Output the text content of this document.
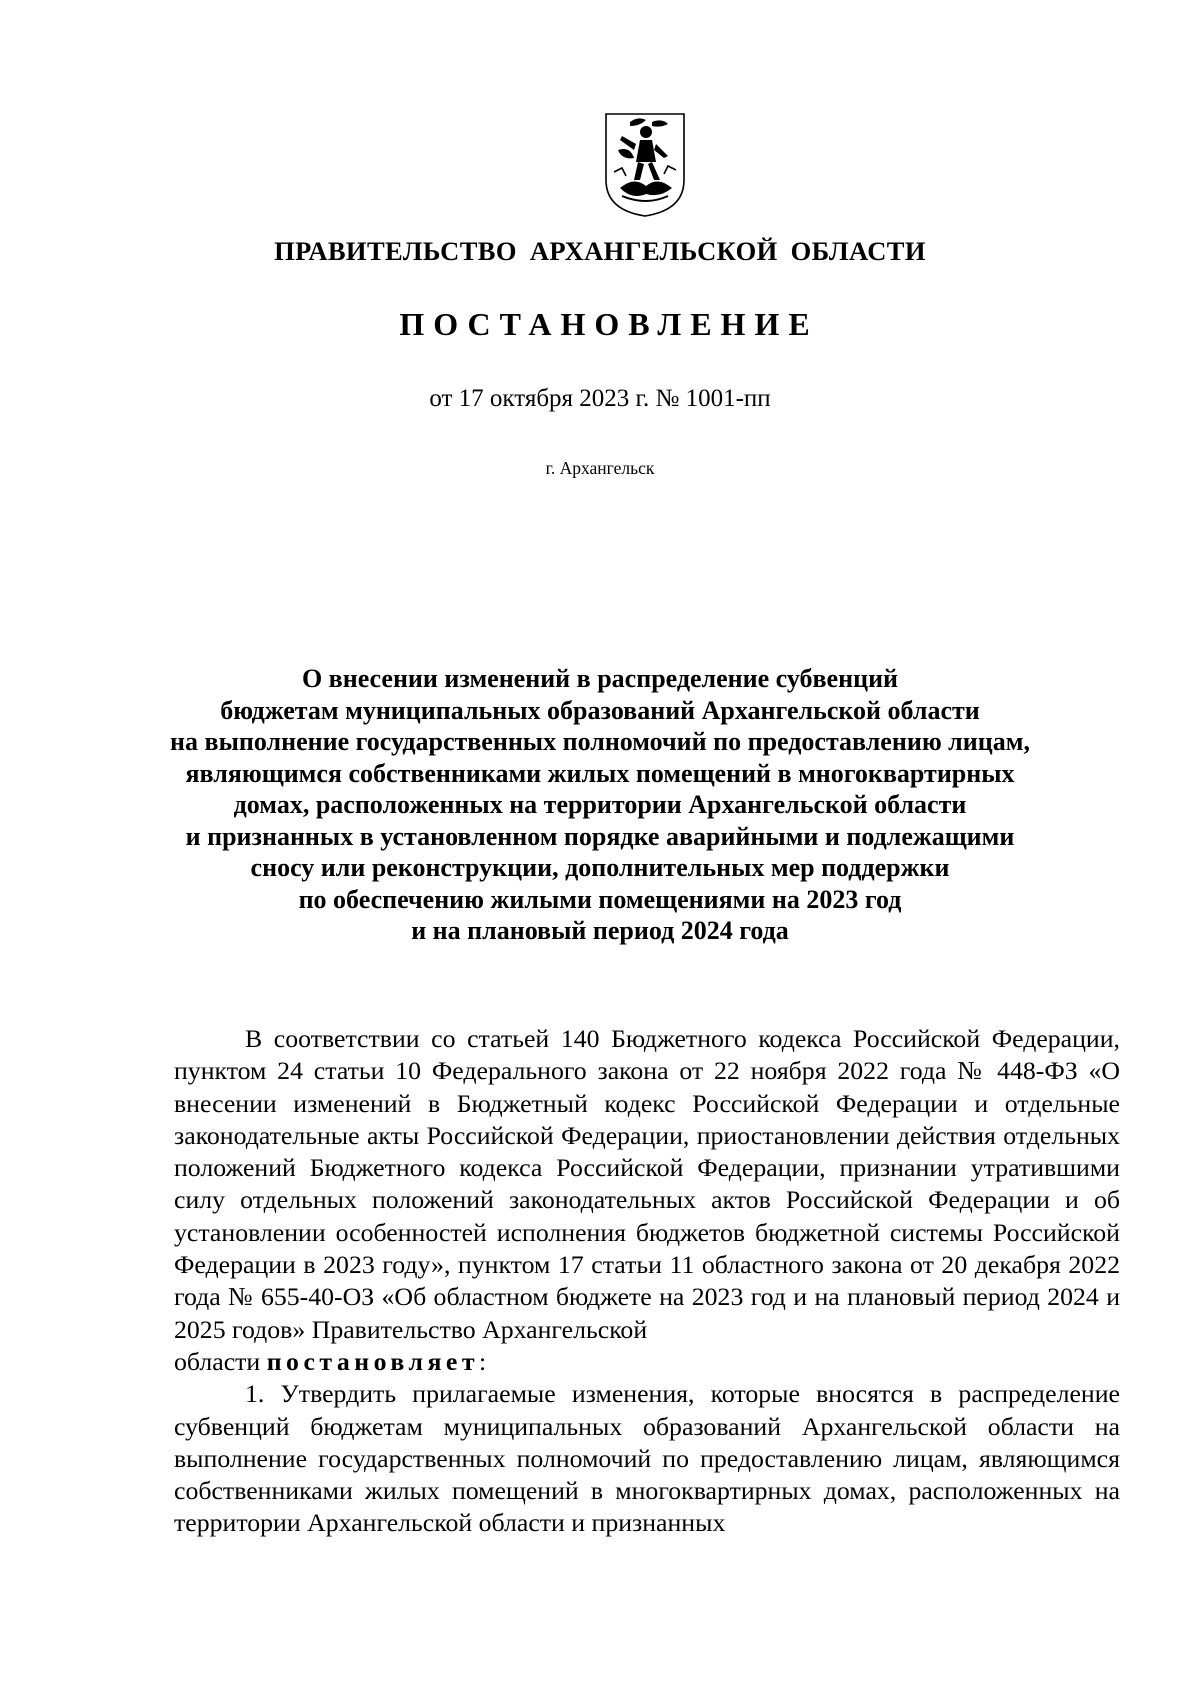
ПРАВИТЕЛЬСТВО АРХАНГЕЛЬСКОЙ ОБЛАСТИ
ПОСТАНОВЛЕНИЕ
от 17 октября 2023 г. № 1001-пп
г. Архангельск
О внесении изменений в распределение субвенций
бюджетам муниципальных образований Архангельской области
на выполнение государственных полномочий по предоставлению лицам,
являющимся собственниками жилых помещений в многоквартирных
домах, расположенных на территории Архангельской области
и признанных в установленном порядке аварийными и подлежащими
сносу или реконструкции, дополнительных мер поддержки
по обеспечению жилыми помещениями на 2023 год
и на плановый период 2024 года

В соответствии со статьей 140 Бюджетного кодекса Российской Федерации, пунктом 24 статьи 10 Федерального закона от 22 ноября 2022 года № 448-ФЗ «О внесении изменений в Бюджетный кодекс Российской Федерации и отдельные законодательные акты Российской Федерации, приостановлении действия отдельных положений Бюджетного кодекса Российской Федерации, признании утратившими силу отдельных положений законодательных актов Российской Федерации и об установлении особенностей исполнения бюджетов бюджетной системы Российской Федерации в 2023 году», пунктом 17 статьи 11 областного закона от 20 декабря 2022 года № 655-40-ОЗ «Об областном бюджете на 2023 год и на плановый период 2024 и 2025 годов» Правительство Архангельской

области постановляет:

1. Утвердить прилагаемые изменения, которые вносятся в распределение субвенций бюджетам муниципальных образований Архангельской области на выполнение государственных полномочий по предоставлению лицам, являющимся собственниками жилых помещений в многоквартирных домах, расположенных на территории Архангельской области и признанных
